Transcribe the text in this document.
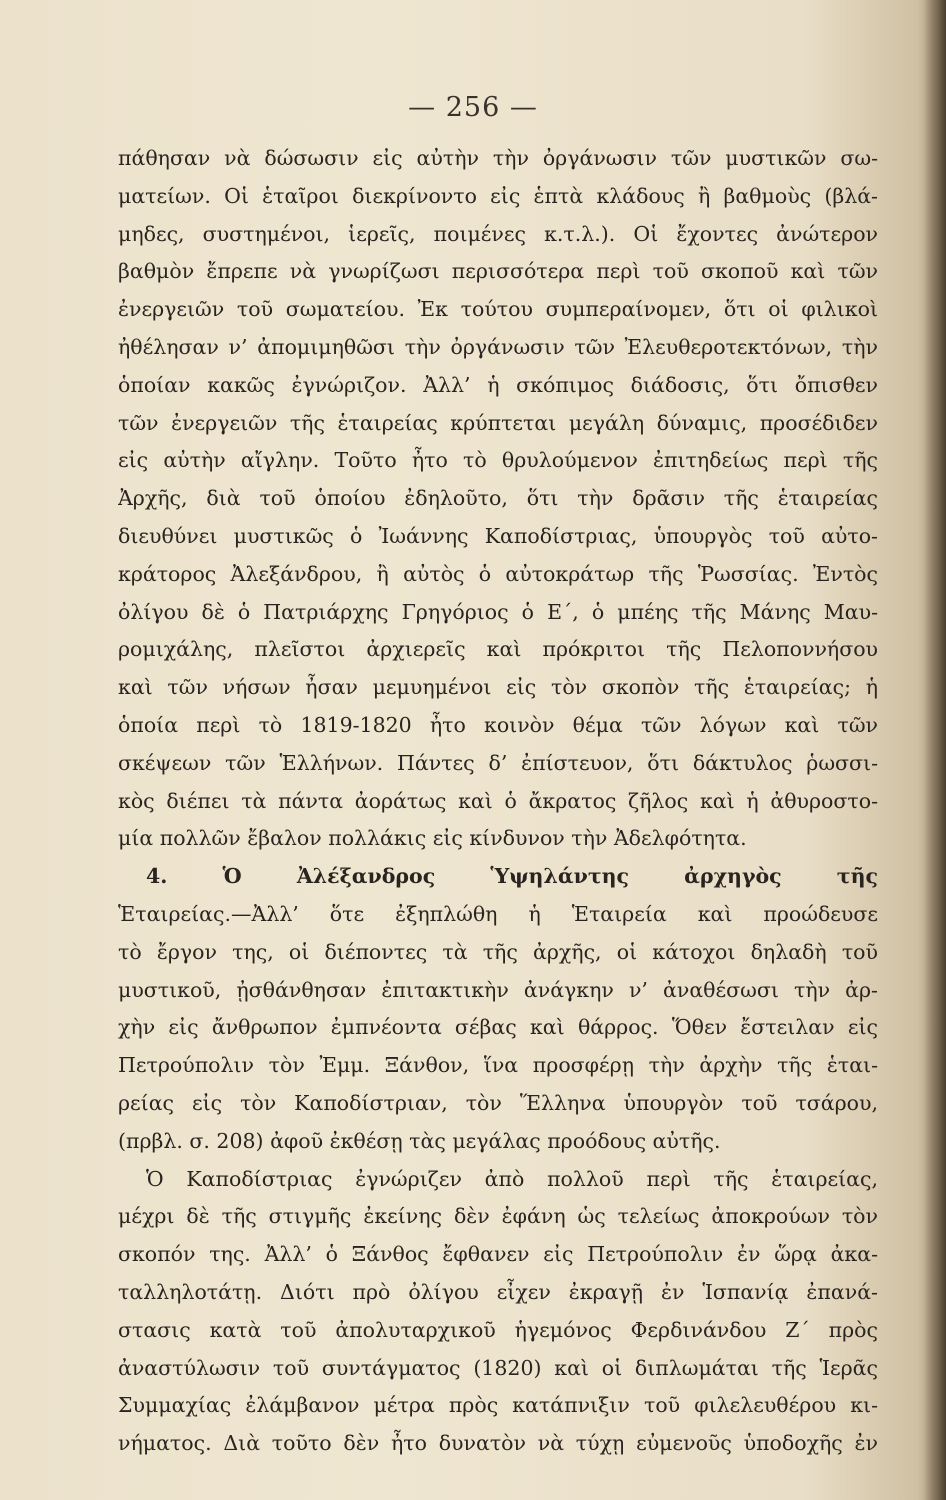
— 256 —
πάθησαν νὰ δώσωσιν εἰς αὐτὴν τὴν ὀργάνωσιν τῶν μυστικῶν σω-
ματείων. Οἱ ἑταῖροι διεκρίνοντο εἰς ἑπτὰ κλάδους ἢ βαθμοὺς (βλά-
μηδες, συστημένοι, ἱερεῖς, ποιμένες κ.τ.λ.). Οἱ ἔχοντες ἀνώτερον
βαθμὸν ἔπρεπε νὰ γνωρίζωσι περισσότερα περὶ τοῦ σκοποῦ καὶ τῶν
ἐνεργειῶν τοῦ σωματείου. Ἐκ τούτου συμπεραίνομεν, ὅτι οἱ φιλικοὶ
ἠθέλησαν ν’ ἀπομιμηθῶσι τὴν ὀργάνωσιν τῶν Ἐλευθεροτεκτόνων, τὴν
ὁποίαν κακῶς ἐγνώριζον. Ἀλλ’ ἡ σκόπιμος διάδοσις, ὅτι ὄπισθεν
τῶν ἐνεργειῶν τῆς ἑταιρείας κρύπτεται μεγάλη δύναμις, προσέδιδεν
εἰς αὐτὴν αἴγλην. Τοῦτο ἦτο τὸ θρυλούμενον ἐπιτηδείως περὶ τῆς
Ἀρχῆς, διὰ τοῦ ὁποίου ἐδηλοῦτο, ὅτι τὴν δρᾶσιν τῆς ἑταιρείας
διευθύνει μυστικῶς ὁ Ἰωάννης Καποδίστριας, ὑπουργὸς τοῦ αὐτο-
κράτορος Ἀλεξάνδρου, ἢ αὐτὸς ὁ αὐτοκράτωρ τῆς Ῥωσσίας. Ἐντὸς
ὀλίγου δὲ ὁ Πατριάρχης Γρηγόριος ὁ Ε΄, ὁ μπέης τῆς Μάνης Μαυ-
ρομιχάλης, πλεῖστοι ἀρχιερεῖς καὶ πρόκριτοι τῆς Πελοποννήσου
καὶ τῶν νήσων ἦσαν μεμυημένοι εἰς τὸν σκοπὸν τῆς ἑταιρείας; ἡ
ὁποία περὶ τὸ 1819-1820 ἦτο κοινὸν θέμα τῶν λόγων καὶ τῶν
σκέψεων τῶν Ἑλλήνων. Πάντες δ’ ἐπίστευον, ὅτι δάκτυλος ῥωσσι-
κὸς διέπει τὰ πάντα ἀοράτως καὶ ὁ ἄκρατος ζῆλος καὶ ἡ ἀθυροστο-
μία πολλῶν ἔβαλον πολλάκις εἰς κίνδυνον τὴν Ἀδελφότητα.
4. Ὁ Ἀλέξανδρος Ὑψηλάντης ἀρχηγὸς τῆς
Ἑταιρείας.—Ἀλλ’ ὅτε ἐξηπλώθη ἡ Ἑταιρεία καὶ προώδευσε
τὸ ἔργον της, οἱ διέποντες τὰ τῆς ἀρχῆς, οἱ κάτοχοι δηλαδὴ τοῦ
μυστικοῦ, ᾐσθάνθησαν ἐπιτακτικὴν ἀνάγκην ν’ ἀναθέσωσι τὴν ἀρ-
χὴν εἰς ἄνθρωπον ἐμπνέοντα σέβας καὶ θάρρος. Ὅθεν ἔστειλαν εἰς
Πετρούπολιν τὸν Ἐμμ. Ξάνθον, ἵνα προσφέρῃ τὴν ἀρχὴν τῆς ἑται-
ρείας εἰς τὸν Καποδίστριαν, τὸν Ἕλληνα ὑπουργὸν τοῦ τσάρου,
(πρβλ. σ. 208) ἀφοῦ ἐκθέσῃ τὰς μεγάλας προόδους αὐτῆς.
Ὁ Καποδίστριας ἐγνώριζεν ἀπὸ πολλοῦ περὶ τῆς ἑταιρείας,
μέχρι δὲ τῆς στιγμῆς ἐκείνης δὲν ἐφάνη ὡς τελείως ἀποκρούων τὸν
σκοπόν της. Ἀλλ’ ὁ Ξάνθος ἔφθανεν εἰς Πετρούπολιν ἐν ὥρᾳ ἀκα-
ταλληλοτάτῃ. Διότι πρὸ ὀλίγου εἶχεν ἐκραγῇ ἐν Ἱσπανίᾳ ἐπανά-
στασις κατὰ τοῦ ἀπολυταρχικοῦ ἡγεμόνος Φερδινάνδου Ζ΄ πρὸς
ἀναστύλωσιν τοῦ συντάγματος (1820) καὶ οἱ διπλωμάται τῆς Ἱερᾶς
Συμμαχίας ἐλάμβανον μέτρα πρὸς κατάπνιξιν τοῦ φιλελευθέρου κι-
νήματος. Διὰ τοῦτο δὲν ἦτο δυνατὸν νὰ τύχῃ εὐμενοῦς ὑποδοχῆς ἐν
